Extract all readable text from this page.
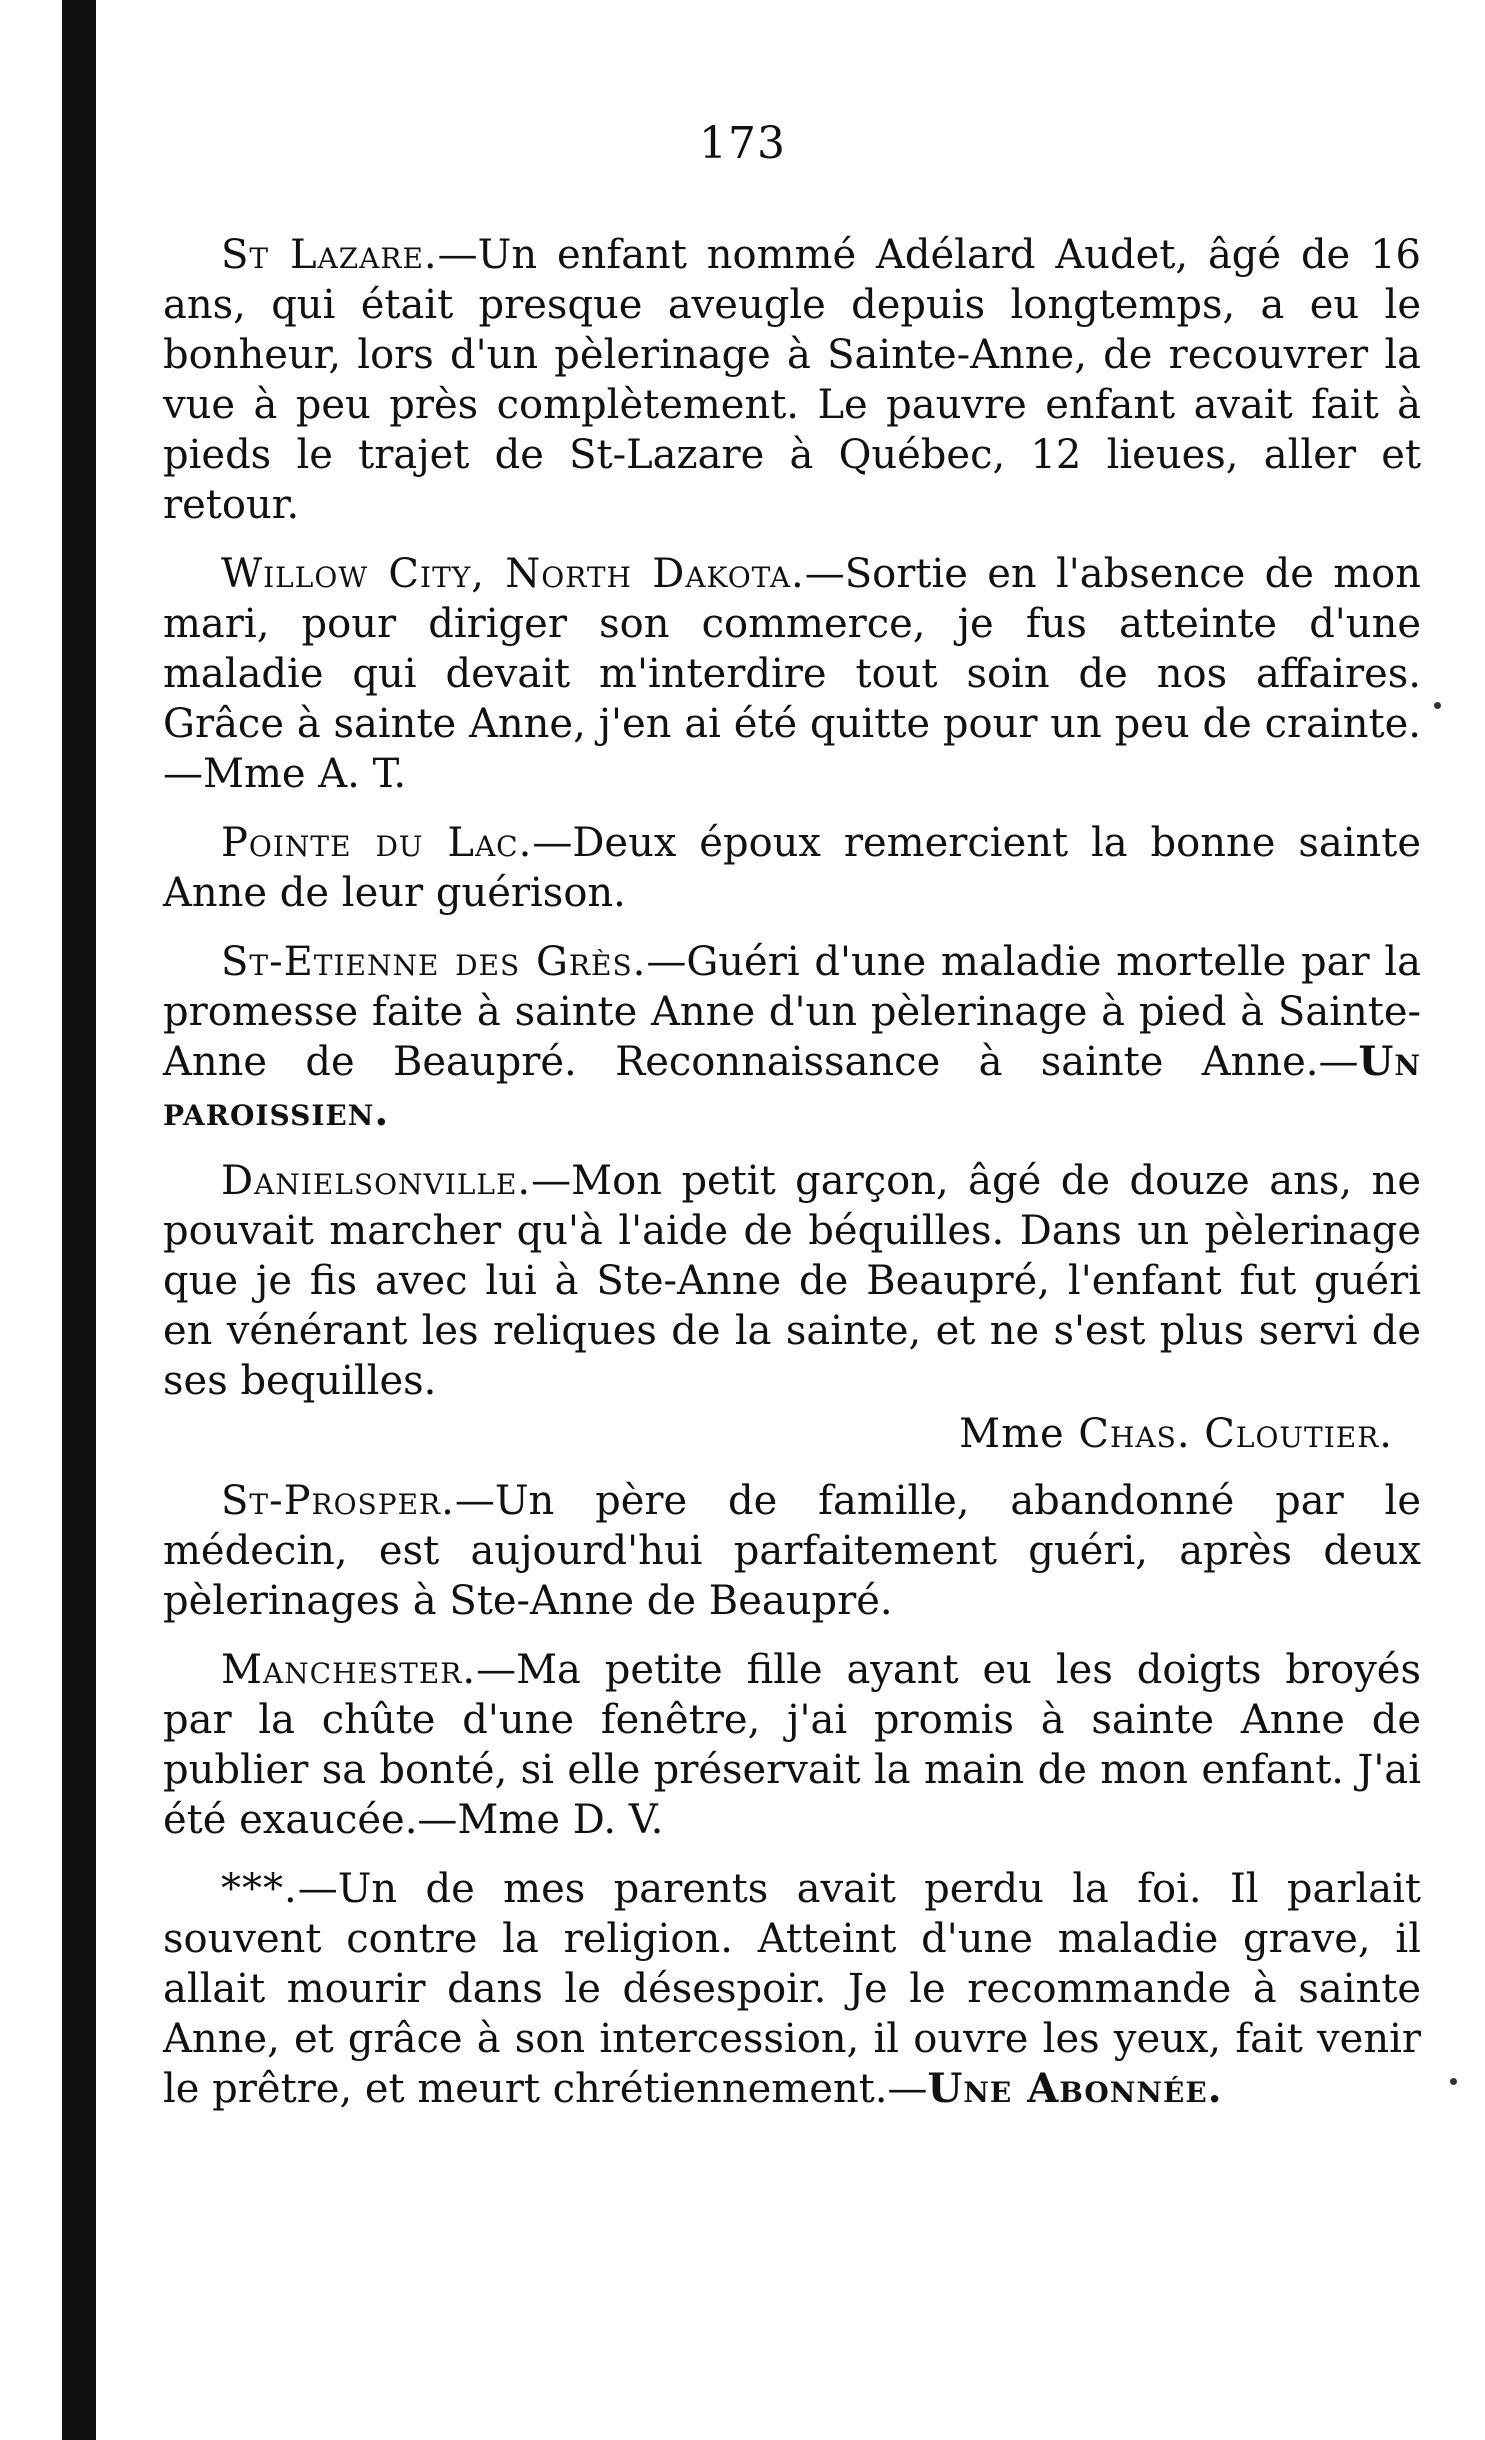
173

St Lazare.—Un enfant nommé Adélard Audet, âgé de 16 ans, qui était presque aveugle depuis longtemps, a eu le bonheur, lors d'un pèlerinage à Sainte-Anne, de recouvrer la vue à peu près complètement. Le pauvre enfant avait fait à pieds le trajet de St-Lazare à Québec, 12 lieues, aller et retour.

Willow City, North Dakota.—Sortie en l'absence de mon mari, pour diriger son commerce, je fus atteinte d'une maladie qui devait m'interdire tout soin de nos affaires. Grâce à sainte Anne, j'en ai été quitte pour un peu de crainte.—Mme A. T.

Pointe du Lac.—Deux époux remercient la bonne sainte Anne de leur guérison.

St-Etienne des Grès.—Guéri d'une maladie mortelle par la promesse faite à sainte Anne d'un pèlerinage à pied à Sainte-Anne de Beaupré. Reconnaissance à sainte Anne.—Un paroissien.

Danielsonville.—Mon petit garçon, âgé de douze ans, ne pouvait marcher qu'à l'aide de béquilles. Dans un pèlerinage que je fis avec lui à Ste-Anne de Beaupré, l'enfant fut guéri en vénérant les reliques de la sainte, et ne s'est plus servi de ses bequilles.

Mme Chas. Cloutier.

St-Prosper.—Un père de famille, abandonné par le médecin, est aujourd'hui parfaitement guéri, après deux pèlerinages à Ste-Anne de Beaupré.

Manchester.—Ma petite fille ayant eu les doigts broyés par la chûte d'une fenêtre, j'ai promis à sainte Anne de publier sa bonté, si elle préservait la main de mon enfant. J'ai été exaucée.—Mme D. V.

***.—Un de mes parents avait perdu la foi. Il parlait souvent contre la religion. Atteint d'une maladie grave, il allait mourir dans le désespoir. Je le recommande à sainte Anne, et grâce à son intercession, il ouvre les yeux, fait venir le prêtre, et meurt chrétiennement.—Une Abonnée.
